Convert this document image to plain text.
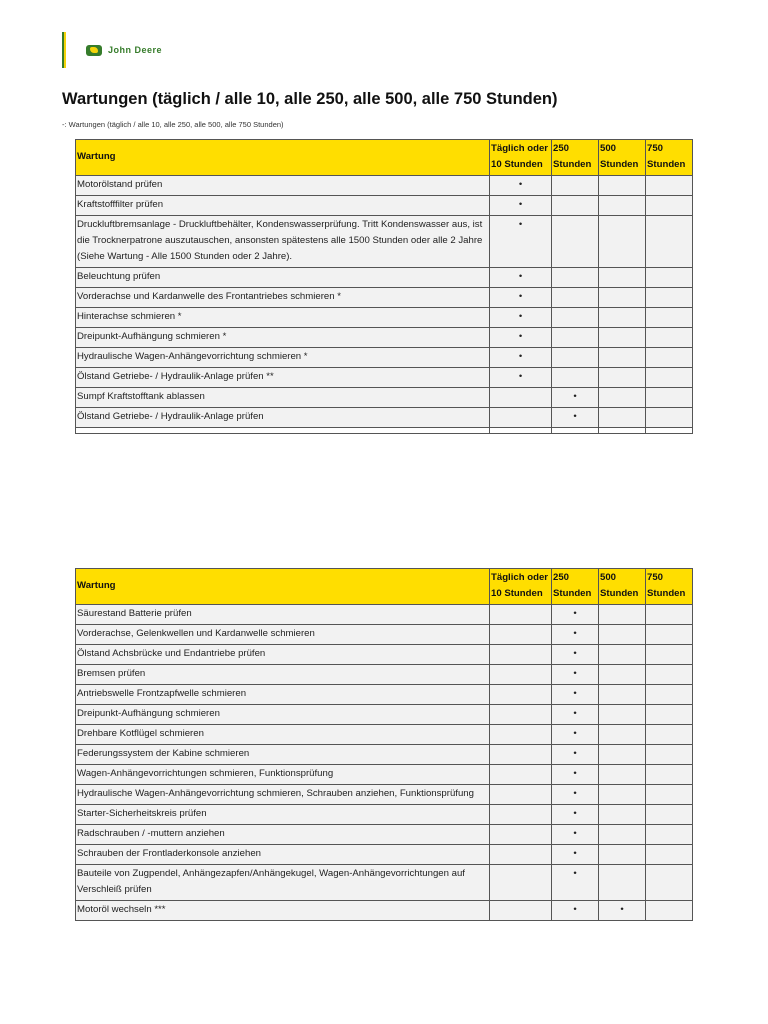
John Deere
Wartungen (täglich / alle 10, alle 250, alle 500, alle 750 Stunden)
-: Wartungen (täglich / alle 10, alle 250, alle 500, alle 750 Stunden)
Wartung	Täglich oder 10 Stunden	250 Stunden	500 Stunden	750 Stunden
Motorölstand prüfen	•			
Kraftstofffilter prüfen	•			
Druckluftbremsanlage - Druckluftbehälter, Kondenswasserprüfung. Tritt Kondenswasser aus, ist die Trocknerpatrone auszutauschen, ansonsten spätestens alle 1500 Stunden oder alle 2 Jahre (Siehe Wartung - Alle 1500 Stunden oder 2 Jahre).	•			
Beleuchtung prüfen	•			
Vorderachse und Kardanwelle des Frontantriebes schmieren *	•			
Hinterachse schmieren *	•			
Dreipunkt-Aufhängung schmieren *	•			
Hydraulische Wagen-Anhängevorrichtung schmieren *	•			
Ölstand Getriebe- / Hydraulik-Anlage prüfen **	•			
Sumpf Kraftstofftank ablassen		•		
Ölstand Getriebe- / Hydraulik-Anlage prüfen		•		

Wartung	Täglich oder 10 Stunden	250 Stunden	500 Stunden	750 Stunden
Säurestand Batterie prüfen		•		
Vorderachse, Gelenkwellen und Kardanwelle schmieren		•		
Ölstand Achsbrücke und Endantriebe prüfen		•		
Bremsen prüfen		•		
Antriebswelle Frontzapfwelle schmieren		•		
Dreipunkt-Aufhängung schmieren		•		
Drehbare Kotflügel schmieren		•		
Federungssystem der Kabine schmieren		•		
Wagen-Anhängevorrichtungen schmieren, Funktionsprüfung		•		
Hydraulische Wagen-Anhängevorrichtung schmieren, Schrauben anziehen, Funktionsprüfung		•		
Starter-Sicherheitskreis prüfen		•		
Radschrauben / -muttern anziehen		•		
Schrauben der Frontladerkonsole anziehen		•		
Bauteile von Zugpendel, Anhängezapfen/Anhängekugel, Wagen-Anhängevorrichtungen auf Verschleiß prüfen		•		
Motoröl wechseln ***		•	•	
